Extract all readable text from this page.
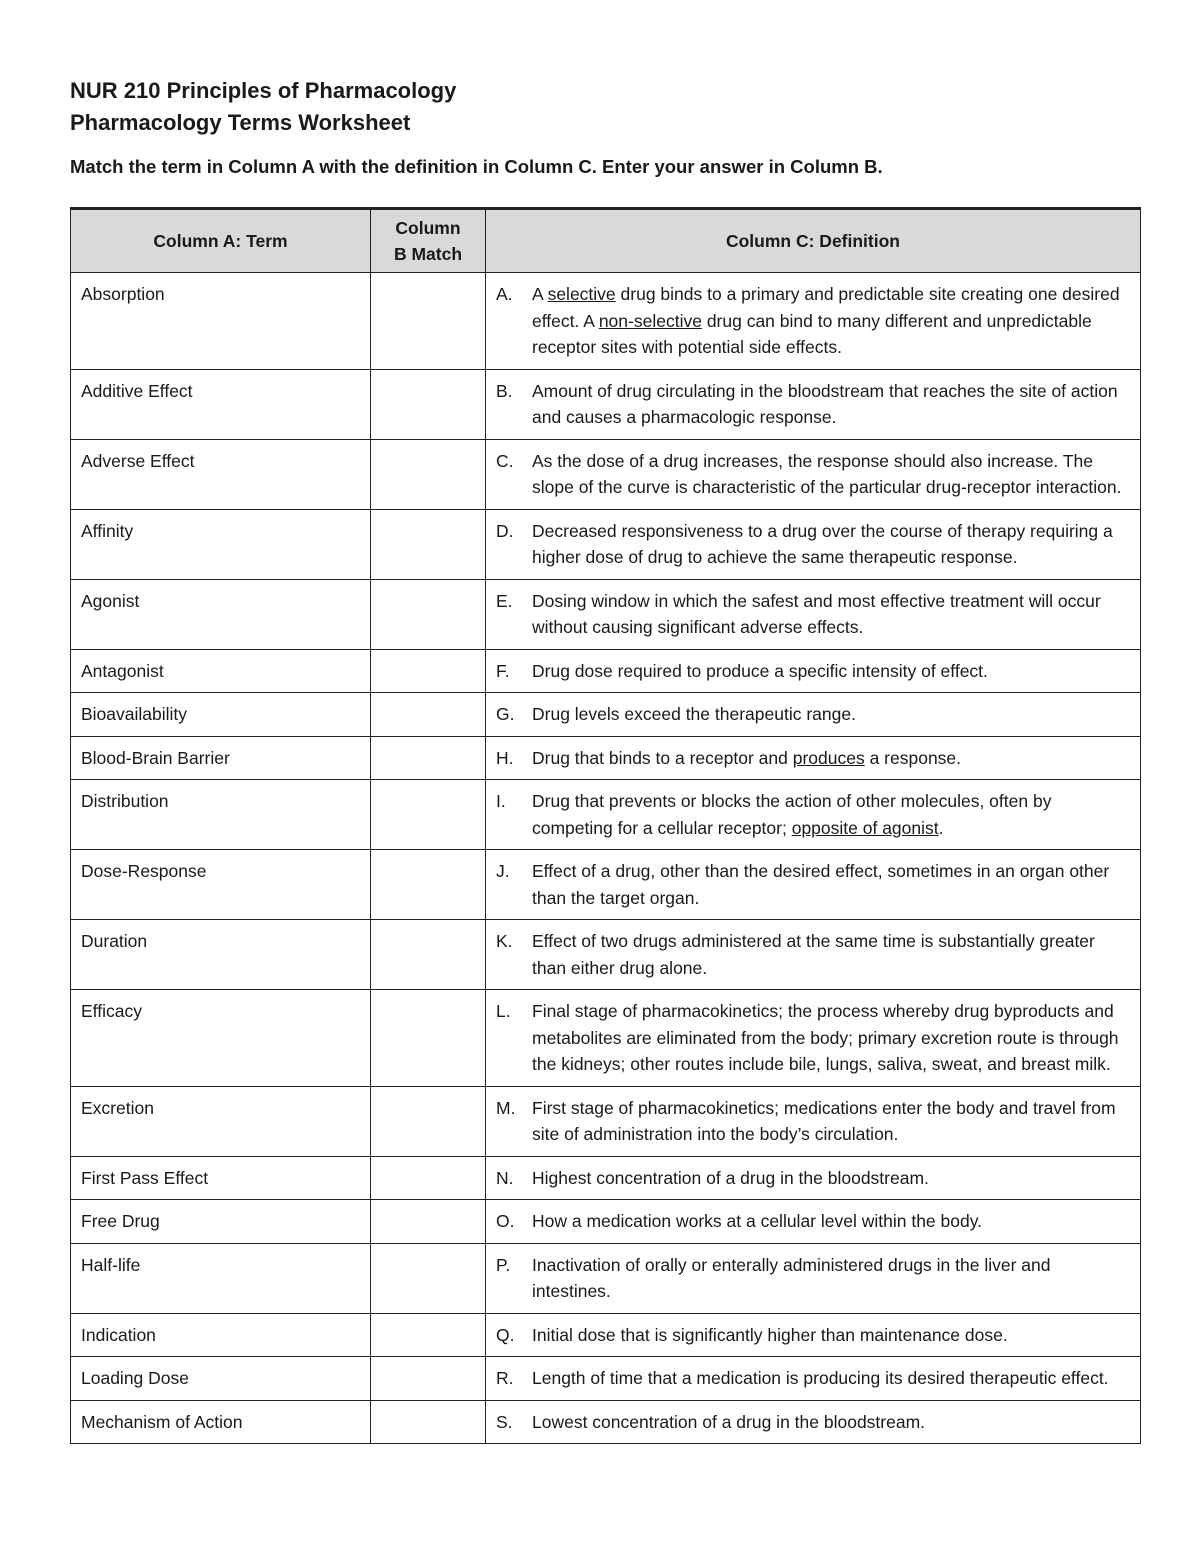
NUR 210 Principles of Pharmacology
Pharmacology Terms Worksheet
Match the term in Column A with the definition in Column C. Enter your answer in Column B.
Column A: Term	Column B Match	Column C: Definition
Absorption		A. A selective drug binds to a primary and predictable site creating one desired effect. A non-selective drug can bind to many different and unpredictable receptor sites with potential side effects.

Additive Effect		B. Amount of drug circulating in the bloodstream that reaches the site of action and causes a pharmacologic response.

Adverse Effect		C. As the dose of a drug increases, the response should also increase. The slope of the curve is characteristic of the particular drug-receptor interaction.

Affinity		D. Decreased responsiveness to a drug over the course of therapy requiring a higher dose of drug to achieve the same therapeutic response.

Agonist		E. Dosing window in which the safest and most effective treatment will occur without causing significant adverse effects.

Antagonist		F. Drug dose required to produce a specific intensity of effect.

Bioavailability		G. Drug levels exceed the therapeutic range.

Blood-Brain Barrier		H. Drug that binds to a receptor and produces a response.

Distribution		I. Drug that prevents or blocks the action of other molecules, often by competing for a cellular receptor; opposite of agonist.

Dose-Response		J. Effect of a drug, other than the desired effect, sometimes in an organ other than the target organ.

Duration		K. Effect of two drugs administered at the same time is substantially greater than either drug alone.

Efficacy		L. Final stage of pharmacokinetics; the process whereby drug byproducts and metabolites are eliminated from the body; primary excretion route is through the kidneys; other routes include bile, lungs, saliva, sweat, and breast milk.

Excretion		M. First stage of pharmacokinetics; medications enter the body and travel from site of administration into the body’s circulation.

First Pass Effect		N. Highest concentration of a drug in the bloodstream.

Free Drug		O. How a medication works at a cellular level within the body.

Half-life		P. Inactivation of orally or enterally administered drugs in the liver and intestines.

Indication		Q. Initial dose that is significantly higher than maintenance dose.

Loading Dose		R. Length of time that a medication is producing its desired therapeutic effect.

Mechanism of Action		S. Lowest concentration of a drug in the bloodstream.
